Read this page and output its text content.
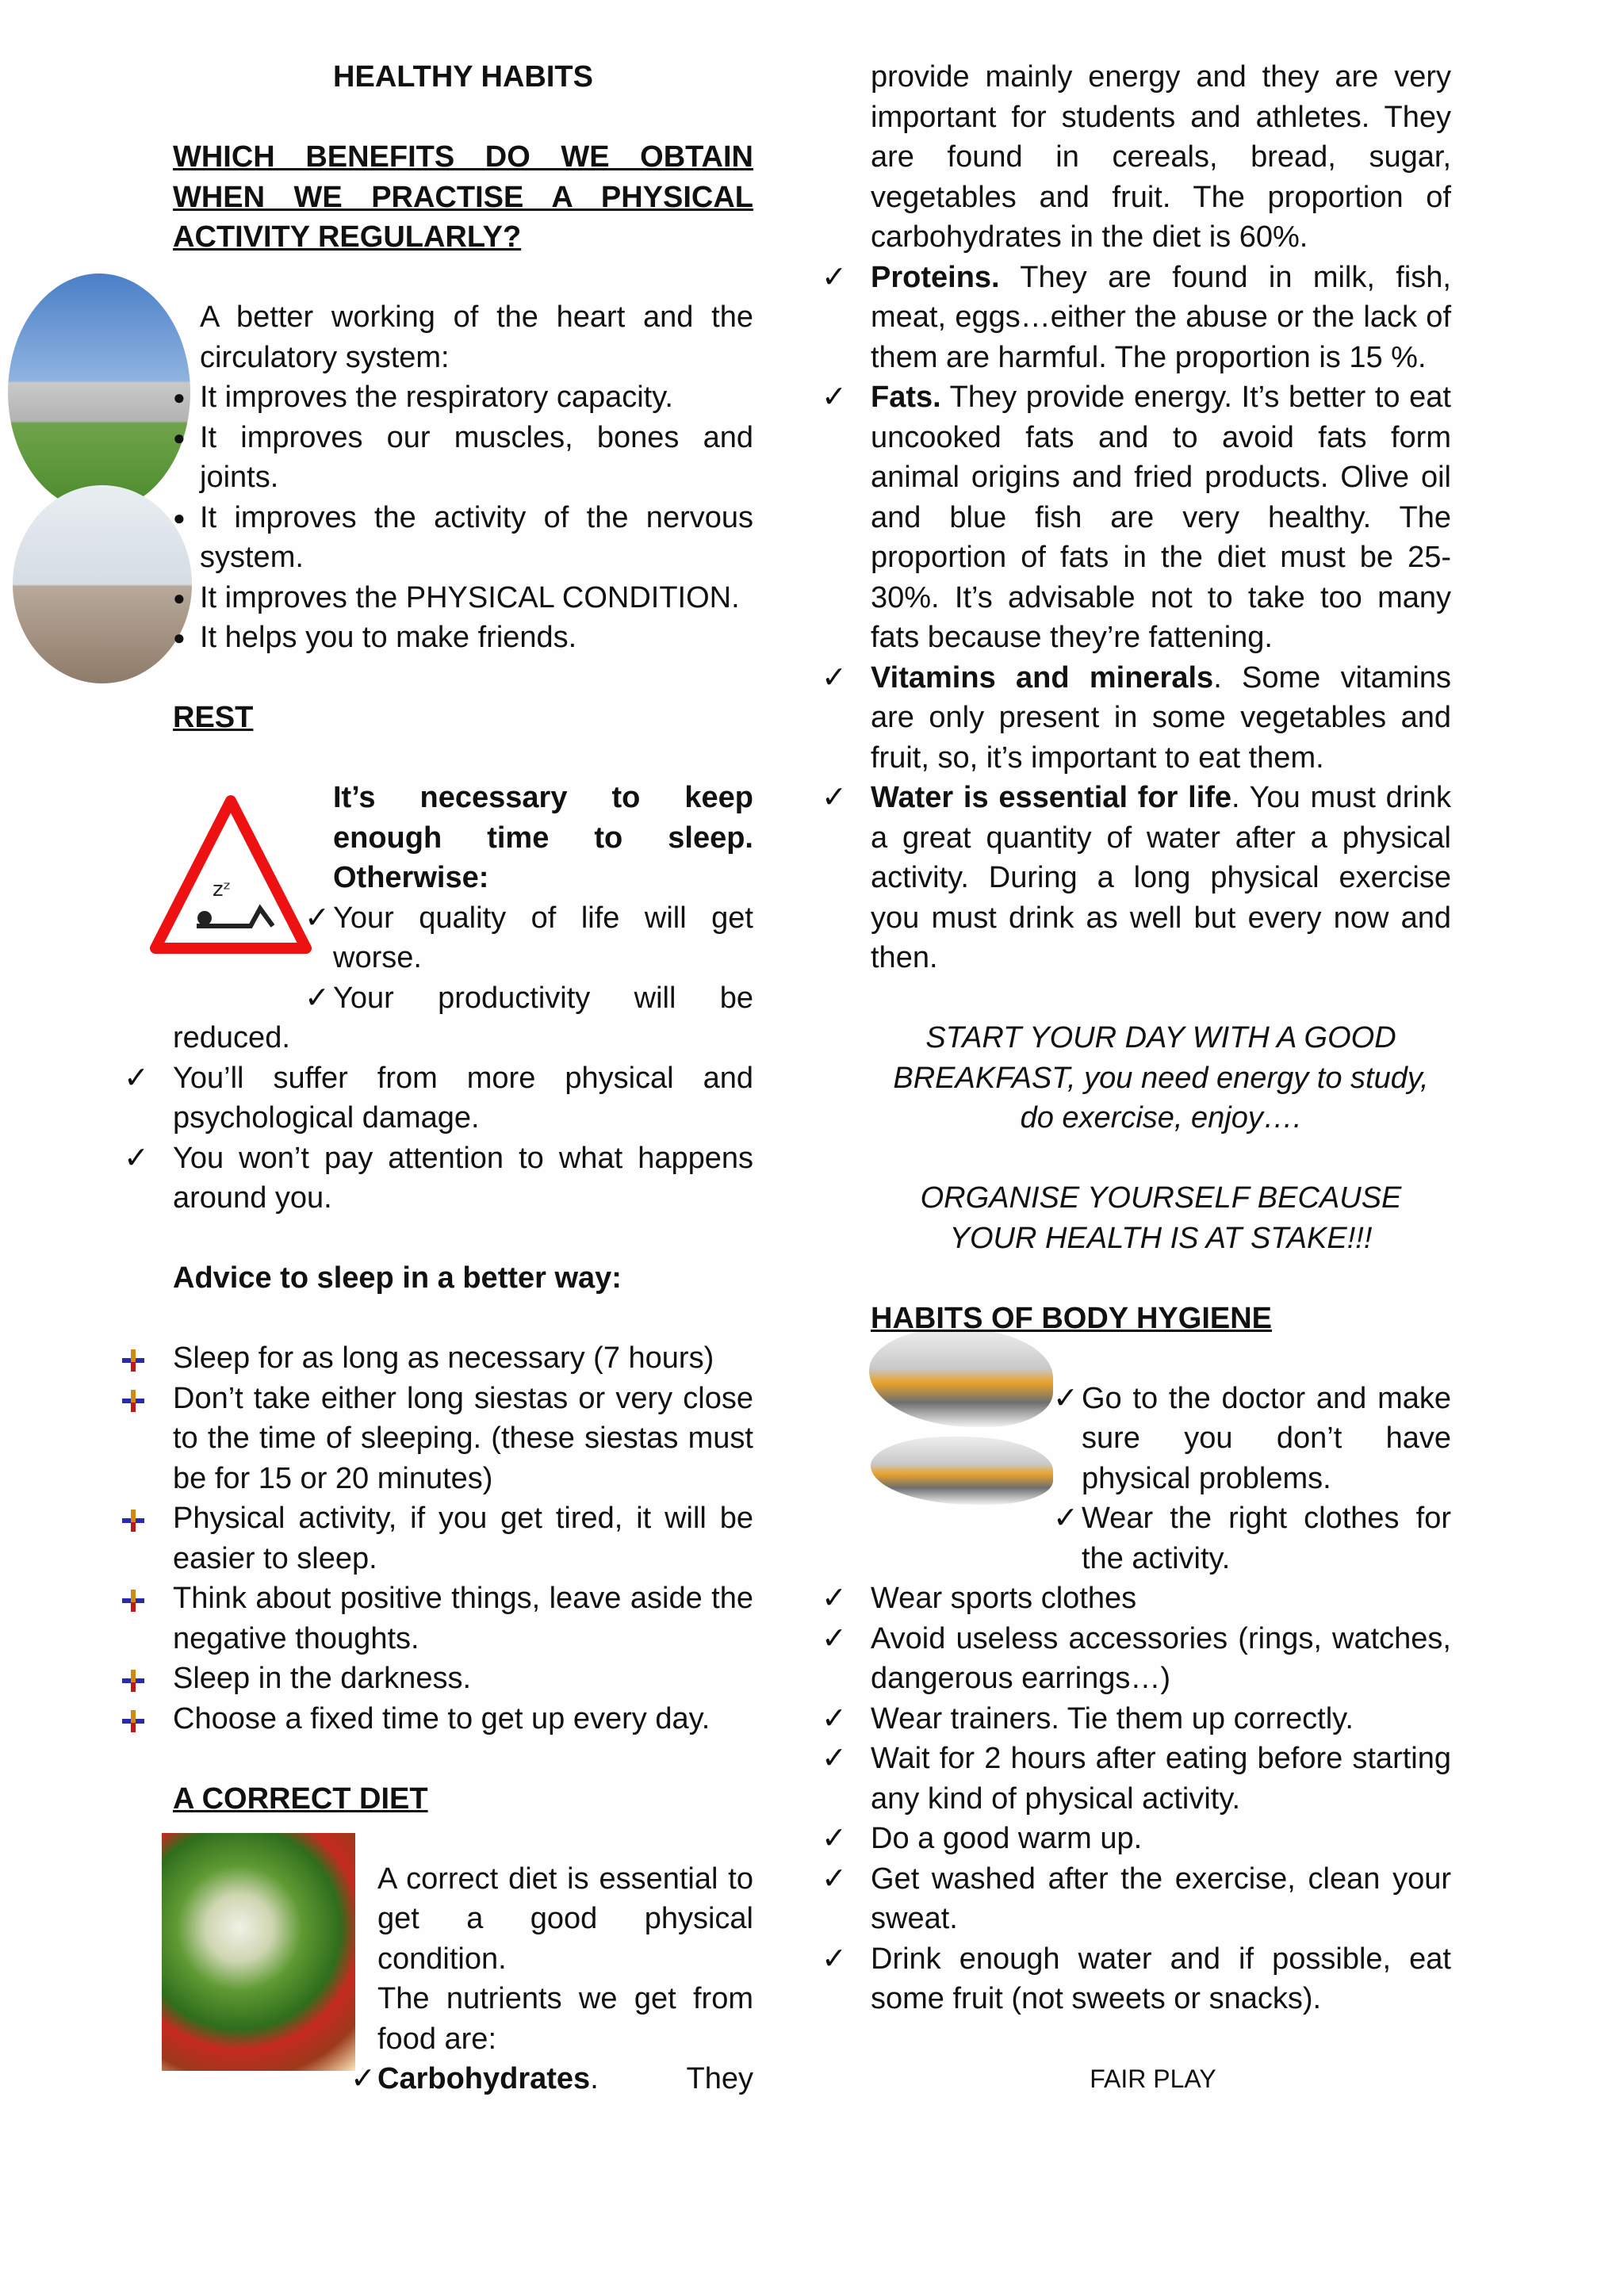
zᶻ

HEALTHY HABITS

WHICH BENEFITS DO WE OBTAIN WHEN WE PRACTISE A PHYSICAL ACTIVITY REGULARLY?

A better working of the heart and the circulatory system:

● It improves the respiratory capacity.
● It improves our muscles, bones and joints.
● It improves the activity of the nervous system.
● It improves the PHYSICAL CONDITION.
● It helps you to make friends.

REST

It’s necessary to keep enough time to sleep. Otherwise:

✓ Your quality of life will get worse.

Your productivity will be reduced.

✓
✓ You’ll suffer from more physical and psychological damage.
✓ You won’t pay attention to what happens around you.

Advice to sleep in a better way:

Sleep for as long as necessary (7 hours)
Don’t take either long siestas or very close to the time of sleeping. (these siestas must be for 15 or 20 minutes)
Physical activity, if you get tired, it will be easier to sleep.
Think about positive things, leave aside the negative thoughts.
Sleep in the darkness.
Choose a fixed time to get up every day.

A CORRECT DIET

A correct diet is essential to get a good physical condition.

The nutrients we get from food are:

✓ Carbohydrates.	They

provide mainly energy and they are very important for students and athletes. They are found in cereals, bread, sugar, vegetables and fruit. The proportion of carbohydrates in the diet is 60%.

✓ Proteins. They are found in milk, fish, meat, eggs…either the abuse or the lack of them are harmful. The proportion is 15 %.
✓ Fats. They provide energy. It’s better to eat uncooked fats and to avoid fats form animal origins and fried products. Olive oil and blue fish are very healthy. The proportion of fats in the diet must be 25-30%. It’s advisable not to take too many fats because they’re fattening.
✓ Vitamins and minerals. Some vitamins are only present in some vegetables and fruit, so, it’s important to eat them.
✓ Water is essential for life. You must drink a great quantity of water after a physical activity. During a long physical exercise you must drink as well but every now and then.

START YOUR DAY WITH A GOOD BREAKFAST, you need energy to study, do exercise, enjoy….

ORGANISE YOURSELF BECAUSE YOUR HEALTH IS AT STAKE!!!

HABITS OF BODY HYGIENE

✓ Go to the doctor and make sure you don’t have physical problems.
✓ Wear the right clothes for the activity.
✓ Wear sports clothes
✓ Avoid useless accessories (rings, watches, dangerous earrings…)
✓ Wear trainers. Tie them up correctly.
✓ Wait for 2 hours after eating before starting any kind of physical activity.
✓ Do a good warm up.
✓ Get washed after the exercise, clean your sweat.
✓ Drink enough water and if possible, eat some fruit (not sweets or snacks).

FAIR PLAY
